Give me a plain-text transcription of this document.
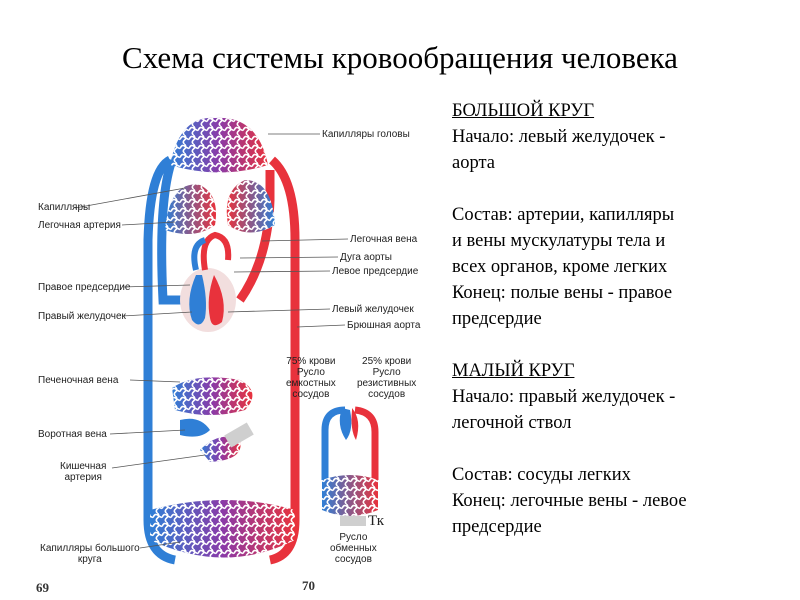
Схема системы кровообращения человека
Капилляры
Легочная артерия
Правое предсердие
Правый желудочек
Печеночная вена
Воротная вена
Кишечная
артерия
Капилляры большого
круга
Капилляры головы
Легочная вена
Дуга аорты
Левое предсердие
Левый желудочек
Брюшная аорта
75% крови
Русло
емкостных
сосудов
25% крови
Русло
резистивных
сосудов
Русло
обменных
сосудов
Тк
69	70

БОЛЬШОЙ КРУГ

Начало: левый желудочек -

аорта

Состав: артерии, капилляры

и вены мускулатуры тела и

всех органов, кроме легких

Конец: полые вены - правое

предсердие

МАЛЫЙ КРУГ

Начало: правый желудочек -

легочной ствол

Состав: сосуды легких

Конец: легочные вены - левое

предсердие
